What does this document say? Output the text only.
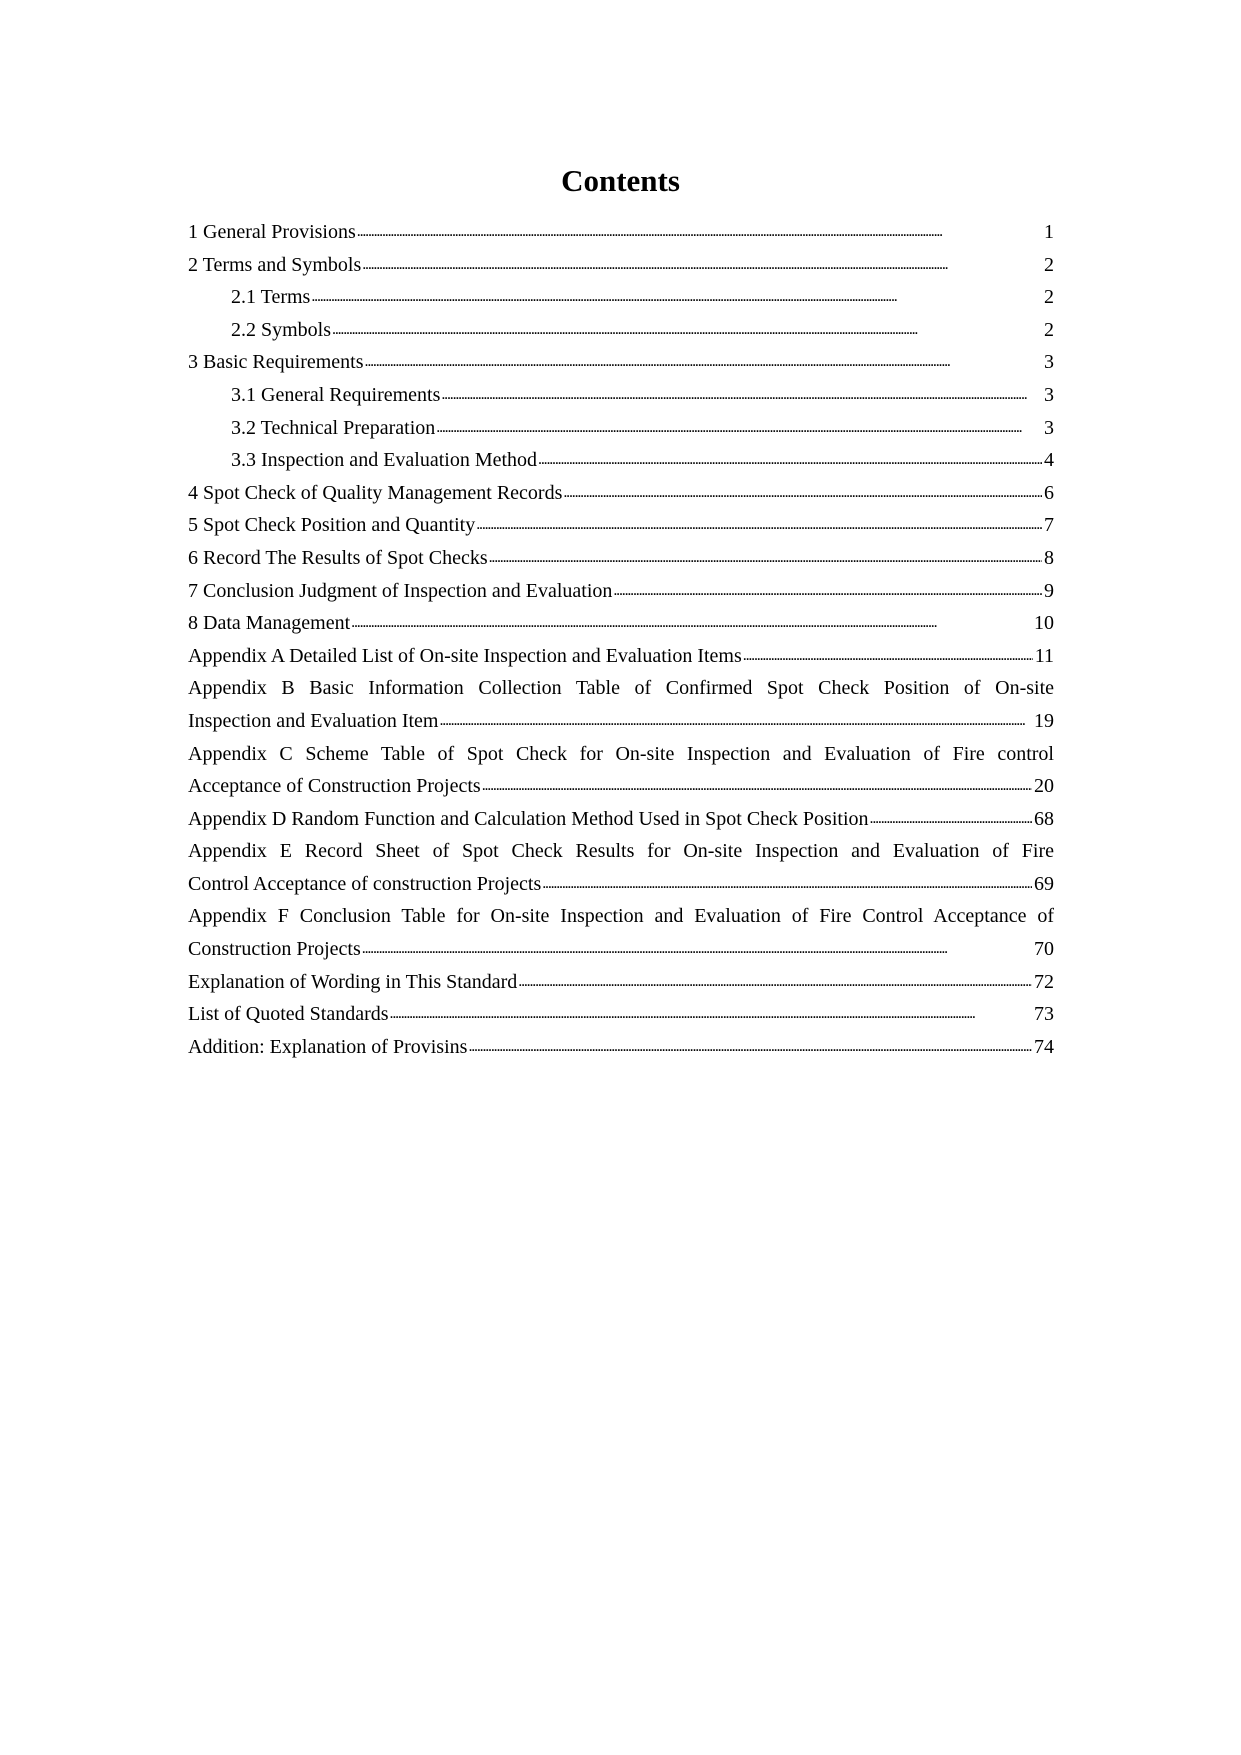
Contents
1 General Provisions . . .	1
2 Terms and Symbols . . .	2
2.1 Terms . . .	2
2.2 Symbols . . .	2
3 Basic Requirements . . .	3
3.1 General Requirements . . .	3
3.2 Technical Preparation . . .	3
3.3 Inspection and Evaluation Method . . .	4
4 Spot Check of Quality Management Records . . .	6
5 Spot Check Position and Quantity . . .	7
6 Record The Results of Spot Checks . . .	8
7 Conclusion Judgment of Inspection and Evaluation . . .	9
8 Data Management . . .	10
Appendix A Detailed List of On-site Inspection and Evaluation Items . . .	11
Appendix B Basic Information Collection Table of Confirmed Spot Check Position of On-site
Inspection and Evaluation Item . . .	19
Appendix C Scheme Table of Spot Check for On-site Inspection and Evaluation of Fire control
Acceptance of Construction Projects . . .	20
Appendix D Random Function and Calculation Method Used in Spot Check Position . . .	68
Appendix E Record Sheet of Spot Check Results for On-site Inspection and Evaluation of Fire
Control Acceptance of construction Projects . . .	69
Appendix F Conclusion Table for On-site Inspection and Evaluation of Fire Control Acceptance of
Construction Projects . . .	70
Explanation of Wording in This Standard . . .	72
List of Quoted Standards . . .	73
Addition: Explanation of Provisins . . .	74
